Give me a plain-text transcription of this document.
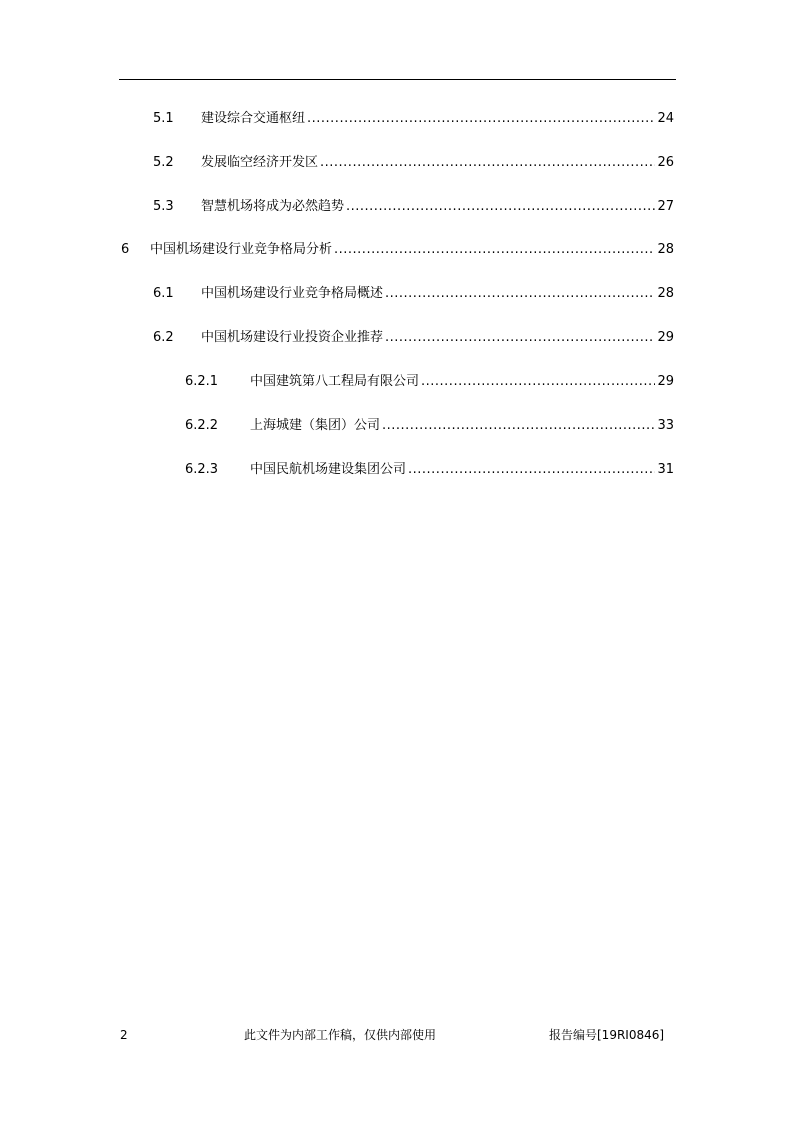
5.1 建设综合交通枢纽 .....	24
5.2 发展临空经济开发区 .....	26
5.3 智慧机场将成为必然趋势 .....	27
6 中国机场建设行业竞争格局分析 .....	28
6.1 中国机场建设行业竞争格局概述 .....	28
6.2 中国机场建设行业投资企业推荐 .....	29
6.2.1 中国建筑第八工程局有限公司 .....	29
6.2.2 上海城建（集团）公司 .....	33
6.2.3 中国民航机场建设集团公司 .....	31
2	此文件为内部工作稿，仅供内部使用	报告编号[19RI0846]
